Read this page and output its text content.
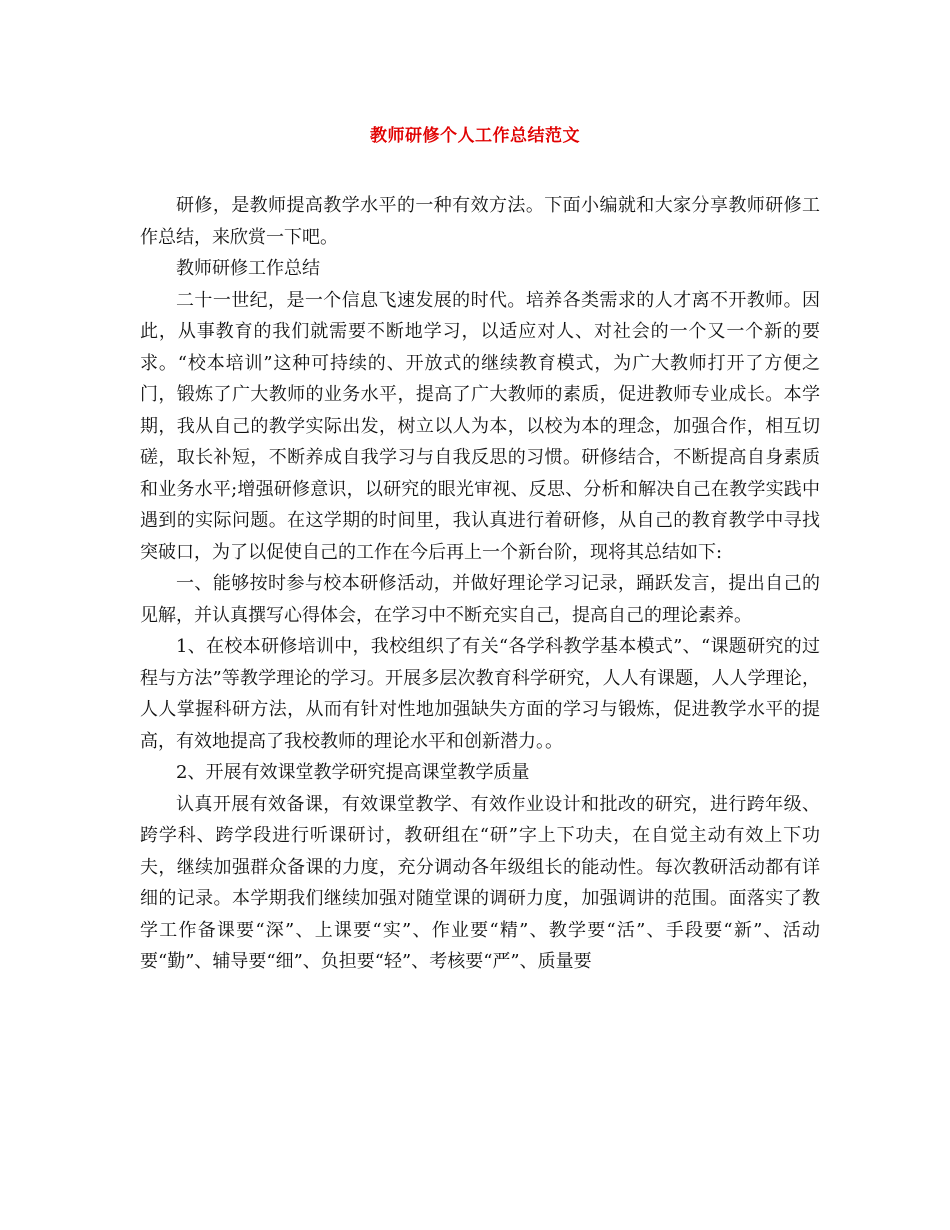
教师研修个人工作总结范文

研修，是教师提高教学水平的一种有效方法。下面小编就和大家分享教师研修工作总结，来欣赏一下吧。

教师研修工作总结

二十一世纪，是一个信息飞速发展的时代。培养各类需求的人才离不开教师。因此，从事教育的我们就需要不断地学习，以适应对人、对社会的一个又一个新的要求。“校本培训”这种可持续的、开放式的继续教育模式，为广大教师打开了方便之门，锻炼了广大教师的业务水平，提高了广大教师的素质，促进教师专业成长。本学期，我从自己的教学实际出发，树立以人为本，以校为本的理念，加强合作，相互切磋，取长补短，不断养成自我学习与自我反思的习惯。研修结合，不断提高自身素质和业务水平;增强研修意识，以研究的眼光审视、反思、分析和解决自己在教学实践中遇到的实际问题。在这学期的时间里，我认真进行着研修，从自己的教育教学中寻找突破口，为了以促使自己的工作在今后再上一个新台阶，现将其总结如下:

一、能够按时参与校本研修活动，并做好理论学习记录，踊跃发言，提出自己的见解，并认真撰写心得体会，在学习中不断充实自己，提高自己的理论素养。

1、在校本研修培训中，我校组织了有关“各学科教学基本模式”、“课题研究的过程与方法”等教学理论的学习。开展多层次教育科学研究，人人有课题，人人学理论，人人掌握科研方法，从而有针对性地加强缺失方面的学习与锻炼，促进教学水平的提高，有效地提高了我校教师的理论水平和创新潜力。。

2、开展有效课堂教学研究提高课堂教学质量

认真开展有效备课，有效课堂教学、有效作业设计和批改的研究，进行跨年级、跨学科、跨学段进行听课研讨，教研组在“研”字上下功夫，在自觉主动有效上下功夫，继续加强群众备课的力度，充分调动各年级组长的能动性。每次教研活动都有详细的记录。本学期我们继续加强对随堂课的调研力度，加强调讲的范围。面落实了教学工作备课要“深”、上课要“实”、作业要“精”、教学要“活”、手段要“新”、活动要“勤”、辅导要“细”、负担要“轻”、考核要“严”、质量要
